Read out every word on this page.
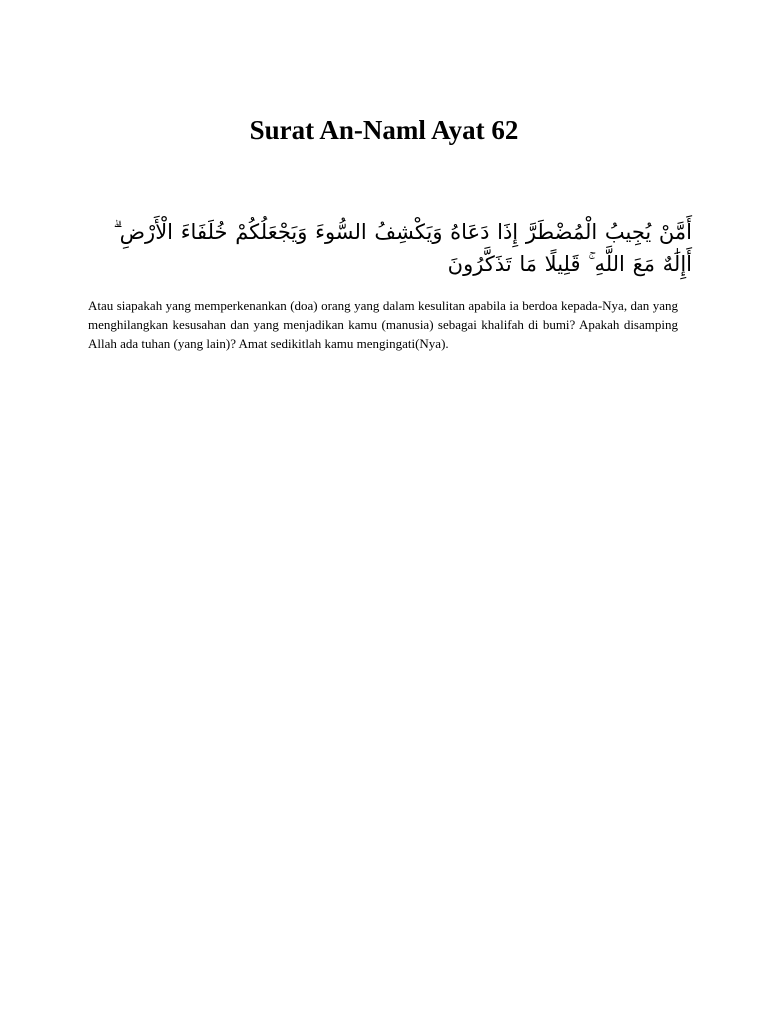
Surat An-Naml Ayat 62

أَمَّنْ يُجِيبُ الْمُضْطَرَّ إِذَا دَعَاهُ وَيَكْشِفُ السُّوءَ وَيَجْعَلُكُمْ خُلَفَاءَ الْأَرْضِ ۗ أَإِلَٰهٌ مَعَ اللَّهِ ۚ قَلِيلًا مَا تَذَكَّرُونَ

Atau siapakah yang memperkenankan (doa) orang yang dalam kesulitan apabila ia berdoa kepada-Nya, dan yang menghilangkan kesusahan dan yang menjadikan kamu (manusia) sebagai khalifah di bumi? Apakah disamping Allah ada tuhan (yang lain)? Amat sedikitlah kamu mengingati(Nya).
